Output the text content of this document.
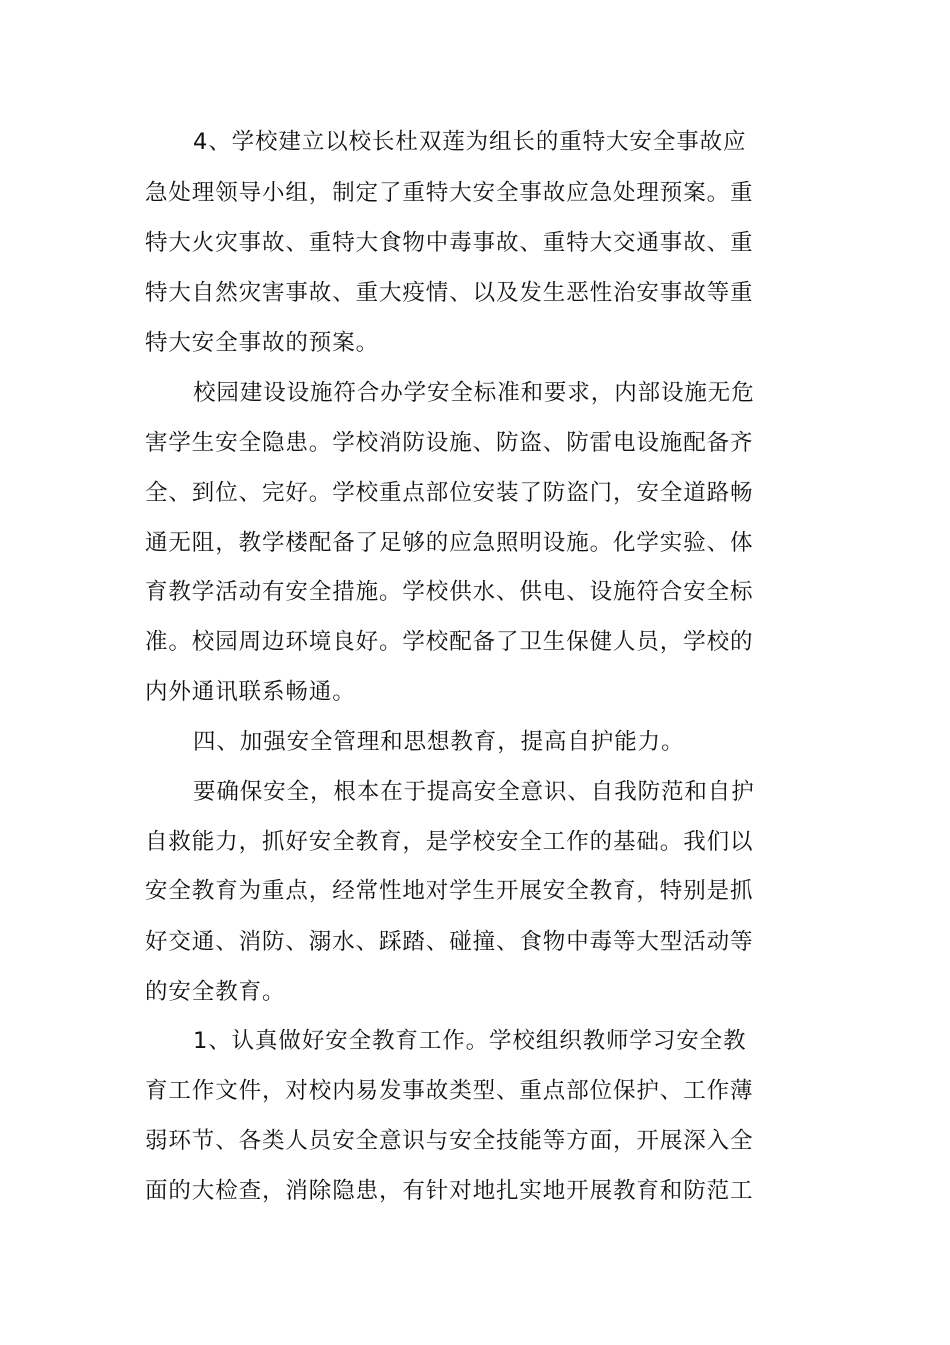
4、学校建立以校长杜双莲为组长的重特大安全事故应
急处理领导小组，制定了重特大安全事故应急处理预案。重
特大火灾事故、重特大食物中毒事故、重特大交通事故、重
特大自然灾害事故、重大疫情、以及发生恶性治安事故等重
特大安全事故的预案。
校园建设设施符合办学安全标准和要求，内部设施无危
害学生安全隐患。学校消防设施、防盗、防雷电设施配备齐
全、到位、完好。学校重点部位安装了防盗门，安全道路畅
通无阻，教学楼配备了足够的应急照明设施。化学实验、体
育教学活动有安全措施。学校供水、供电、设施符合安全标
准。校园周边环境良好。学校配备了卫生保健人员，学校的
内外通讯联系畅通。
四、加强安全管理和思想教育，提高自护能力。
要确保安全，根本在于提高安全意识、自我防范和自护
自救能力，抓好安全教育，是学校安全工作的基础。我们以
安全教育为重点，经常性地对学生开展安全教育，特别是抓
好交通、消防、溺水、踩踏、碰撞、食物中毒等大型活动等
的安全教育。
1、认真做好安全教育工作。学校组织教师学习安全教
育工作文件，对校内易发事故类型、重点部位保护、工作薄
弱环节、各类人员安全意识与安全技能等方面，开展深入全
面的大检查，消除隐患，有针对地扎实地开展教育和防范工
